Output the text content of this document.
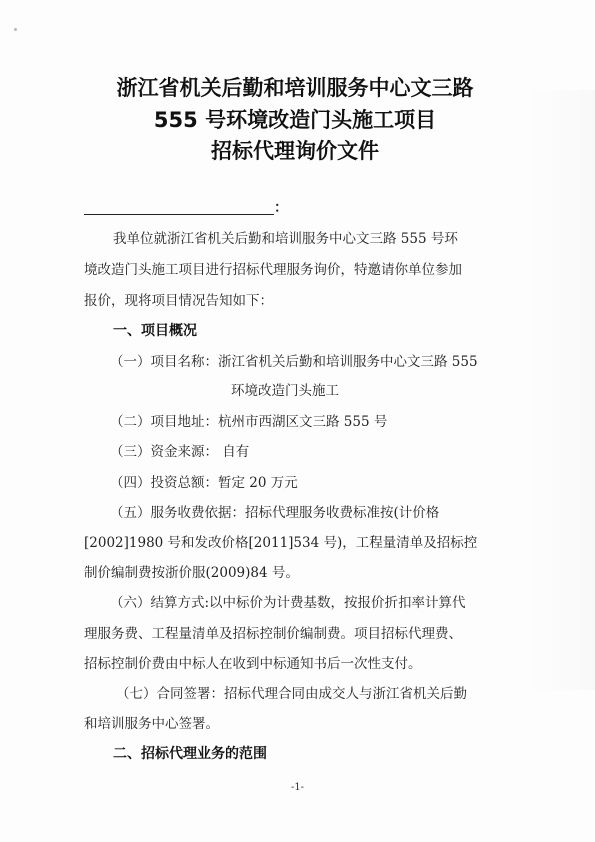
浙江省机关后勤和培训服务中心文三路
555 号环境改造门头施工项目
招标代理询价文件
：
我单位就浙江省机关后勤和培训服务中心文三路 555 号环
境改造门头施工项目进行招标代理服务询价，特邀请你单位参加
报价，现将项目情况告知如下：
一、项目概况
（一）项目名称：浙江省机关后勤和培训服务中心文三路 555
环境改造门头施工
（二）项目地址：杭州市西湖区文三路 555 号
（三）资金来源： 自有
（四）投资总额：暂定 20 万元
（五）服务收费依据：招标代理服务收费标准按(计价格
[2002]1980 号和发改价格[2011]534 号)，工程量清单及招标控
制价编制费按浙价服(2009)84 号。
（六）结算方式:以中标价为计费基数，按报价折扣率计算代
理服务费、工程量清单及招标控制价编制费。项目招标代理费、
招标控制价费由中标人在收到中标通知书后一次性支付。
（七）合同签署：招标代理合同由成交人与浙江省机关后勤
和培训服务中心签署。
二、招标代理业务的范围
-1-
